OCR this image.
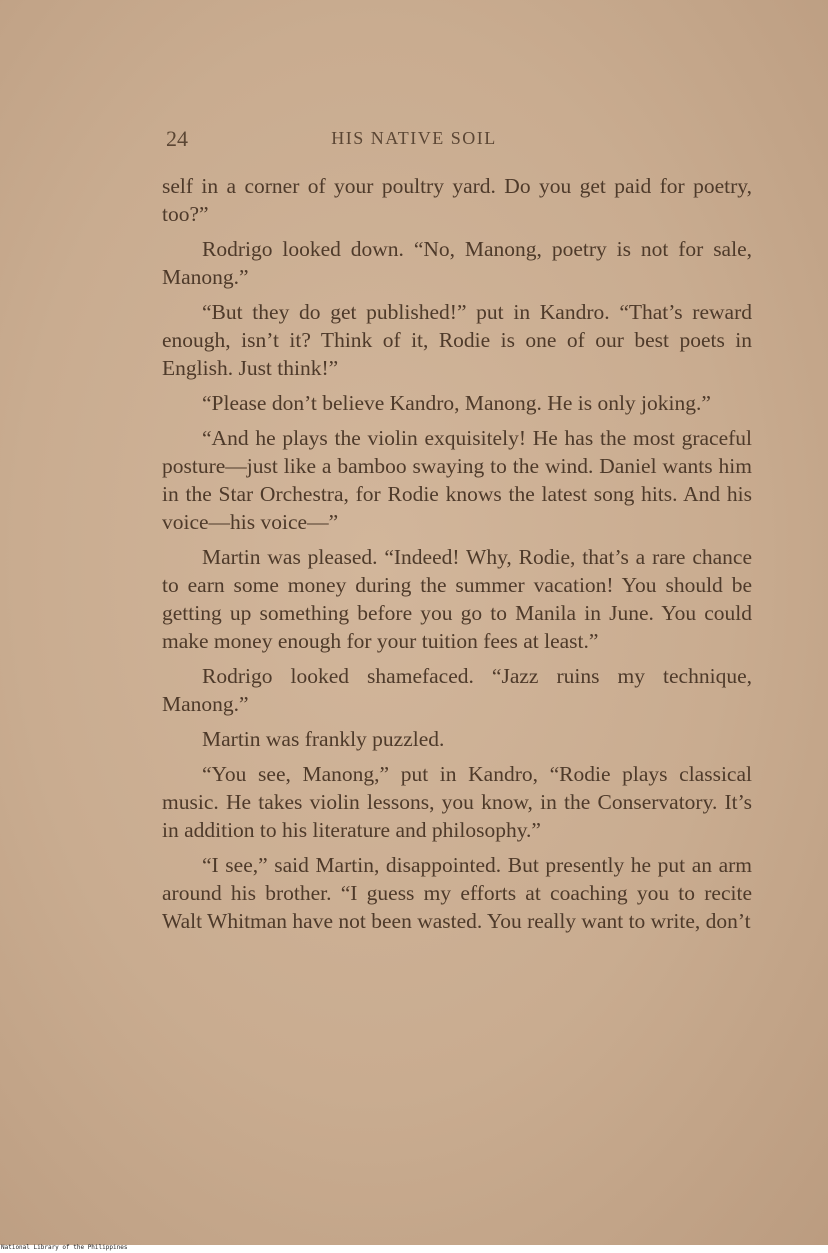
24	HIS NATIVE SOIL

self in a corner of your poultry yard. Do you get paid for poetry, too?”

Rodrigo looked down. “No, Manong, poetry is not for sale, Manong.”

“But they do get published!” put in Kandro. “That’s reward enough, isn’t it? Think of it, Rodie is one of our best poets in English. Just think!”

“Please don’t believe Kandro, Manong. He is only joking.”

“And he plays the violin exquisitely! He has the most graceful posture—just like a bamboo swaying to the wind. Daniel wants him in the Star Orchestra, for Rodie knows the latest song hits. And his voice—his voice—”

Martin was pleased. “Indeed! Why, Rodie, that’s a rare chance to earn some money during the summer vacation! You should be getting up something before you go to Manila in June. You could make money enough for your tuition fees at least.”

Rodrigo looked shamefaced. “Jazz ruins my technique, Manong.”

Martin was frankly puzzled.

“You see, Manong,” put in Kandro, “Rodie plays classical music. He takes violin lessons, you know, in the Conservatory. It’s in addition to his literature and philosophy.”

“I see,” said Martin, disappointed. But presently he put an arm around his brother. “I guess my efforts at coaching you to recite Walt Whitman have not been wasted. You really want to write, don’t

National Library of the Philippines
